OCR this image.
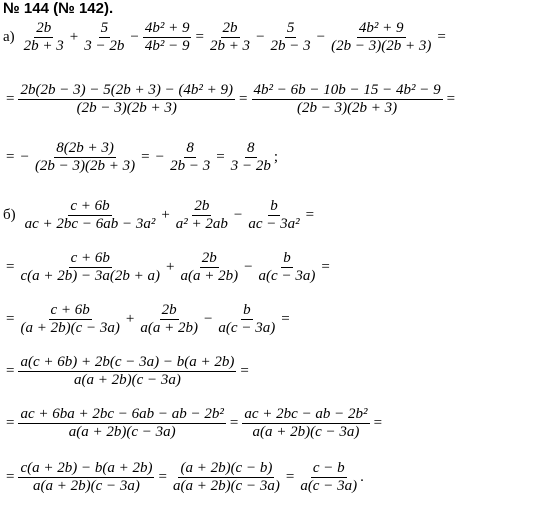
№ 144 (№ 142).
$а) \frac{2b}{2b + 3} + \frac{5}{3 - 2b} - \frac{\text{4b² + 9}}{\text{4b² − 9}} = \frac{2b}{2b + 3} - \frac{5}{2b - 3} - \frac{\text{4b² + 9}}{(2b - 3)(2b + 3)}$ =
= $\frac{\text{2b(2b − 3) − 5(2b + 3) − (4b² + 9)}}{(2b - 3)(2b + 3)} = \frac{\text{4b² − 6b − 10b − 15 − 4b² − 9}}{(2b - 3)(2b + 3)}$ =
= − $\frac{8(2b + 3)}{(2b - 3)(2b + 3)}$ = − $\frac{8}{2b - 3} = \frac{8}{3 - 2b}$ ;
$б) \frac{c + 6b}{\text{ac + 2bc − 6ab − 3a²}} + \frac{2b}{\text{a² + 2ab}} - \frac{b}{\text{ac − 3a²}}$ =
= $\frac{c + 6b}{c(a + 2b) - 3a(2b + a)} + \frac{2b}{a(a + 2b)} - \frac{b}{a(c - 3a)}$ =
= $\frac{c + 6b}{(a + 2b)(c - 3a)} + \frac{2b}{a(a + 2b)} - \frac{b}{a(c - 3a)}$ =
= $\frac{a(c + 6b) + 2b(c - 3a) - b(a + 2b)}{a(a + 2b)(c - 3a)}$ =
= $\frac{\text{ac + 6ba + 2bc − 6ab − ab − 2b²}}{a(a + 2b)(c - 3a)} = \frac{\text{ac + 2bc − ab − 2b²}}{a(a + 2b)(c - 3a)}$ =
= $\frac{c(a + 2b) - b(a + 2b)}{a(a + 2b)(c - 3a)} = \frac{(a + 2b)(c - b)}{a(a + 2b)(c - 3a)} = \frac{c - b}{a(c - 3a)}$ .
